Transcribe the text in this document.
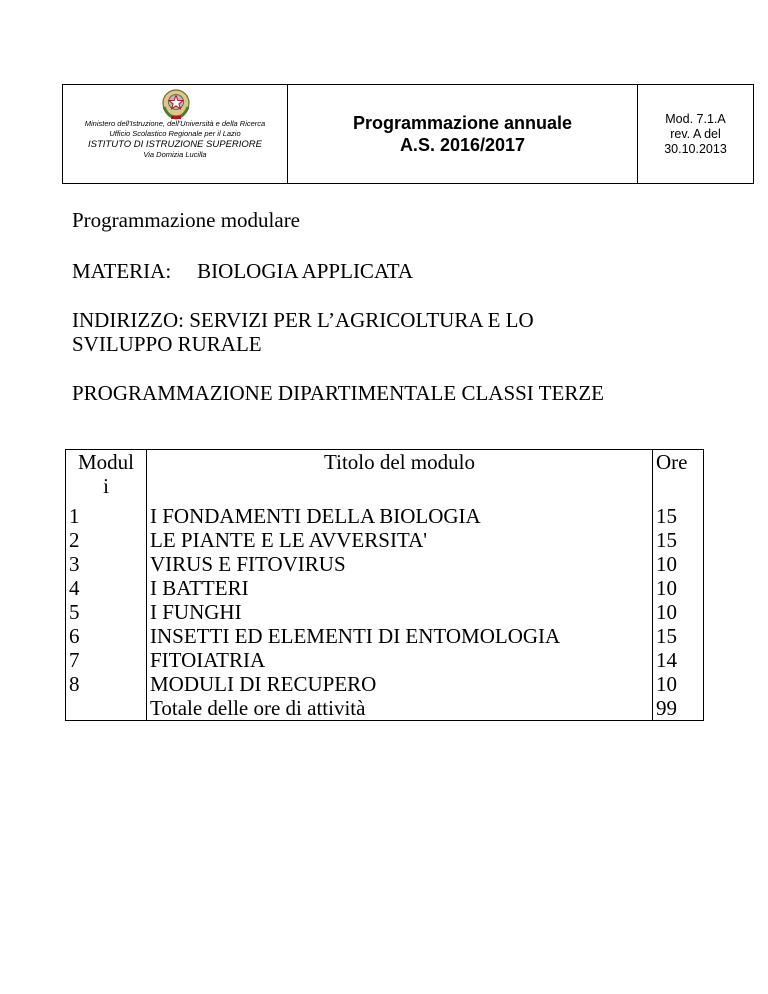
Ministero dell'Istruzione, dell'Università e della Ricerca
Ufficio Scolastico Regionale per il Lazio
ISTITUTO DI ISTRUZIONE SUPERIORE
Via Domizia Lucilla
Programmazione annuale
A.S. 2016/2017
Mod. 7.1.A
rev. A del
30.10.2013
Programmazione modulare
MATERIA: BIOLOGIA APPLICATA
INDIRIZZO: SERVIZI PER L’AGRICOLTURA E LO
SVILUPPO RURALE
PROGRAMMAZIONE DIPARTIMENTALE CLASSI TERZE
Modul
i	Titolo del modulo	Ore
1	I FONDAMENTI DELLA BIOLOGIA	15
2	LE PIANTE E LE AVVERSITA'	15
3	VIRUS E FITOVIRUS	10
4	I BATTERI	10
5	I FUNGHI	10
6	INSETTI ED ELEMENTI DI ENTOMOLOGIA	15
7	FITOIATRIA	14
8	MODULI DI RECUPERO	10
	Totale delle ore di attività	99
